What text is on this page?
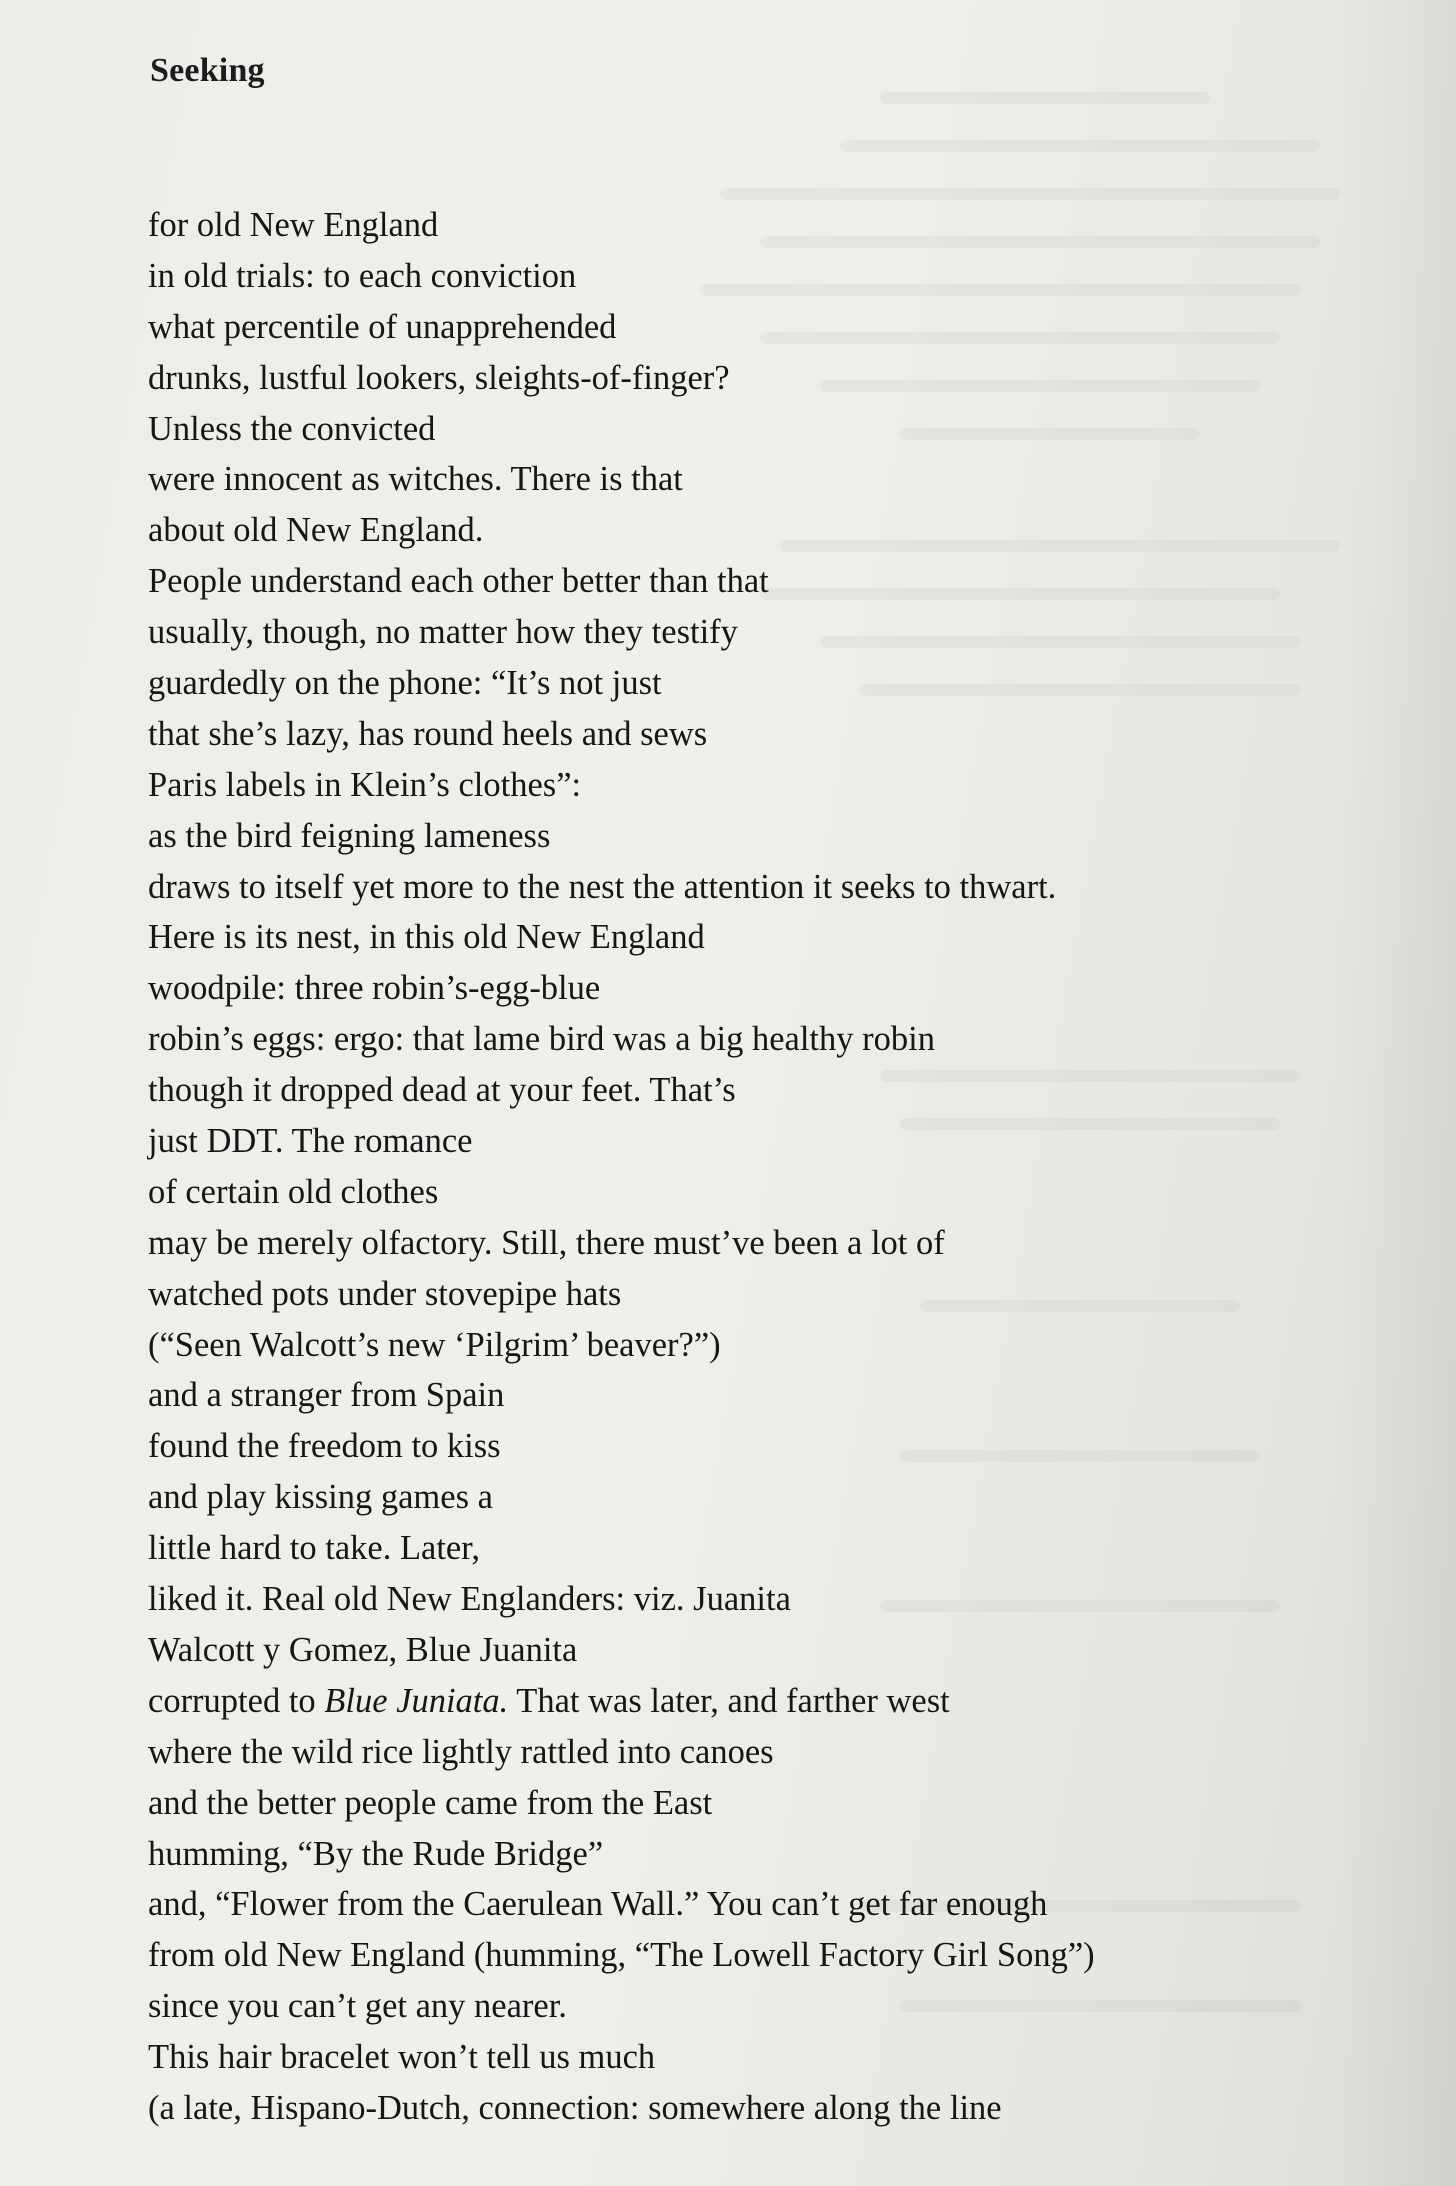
Seeking
for old New England
in old trials: to each conviction
what percentile of unapprehended
drunks, lustful lookers, sleights-of-finger?
Unless the convicted
were innocent as witches. There is that
about old New England.
People understand each other better than that
usually, though, no matter how they testify
guardedly on the phone: “It’s not just
that she’s lazy, has round heels and sews
Paris labels in Klein’s clothes”:
as the bird feigning lameness
draws to itself yet more to the nest the attention it seeks to thwart.
Here is its nest, in this old New England
woodpile: three robin’s-egg-blue
robin’s eggs: ergo: that lame bird was a big healthy robin
though it dropped dead at your feet. That’s
just DDT. The romance
of certain old clothes
may be merely olfactory. Still, there must’ve been a lot of
watched pots under stovepipe hats
(“Seen Walcott’s new ‘Pilgrim’ beaver?”)
and a stranger from Spain
found the freedom to kiss
and play kissing games a
little hard to take. Later,
liked it. Real old New Englanders: viz. Juanita
Walcott y Gomez, Blue Juanita
corrupted to Blue Juniata. That was later, and farther west
where the wild rice lightly rattled into canoes
and the better people came from the East
humming, “By the Rude Bridge”
and, “Flower from the Caerulean Wall.” You can’t get far enough
from old New England (humming, “The Lowell Factory Girl Song”)
since you can’t get any nearer.
This hair bracelet won’t tell us much
(a late, Hispano-Dutch, connection: somewhere along the line
